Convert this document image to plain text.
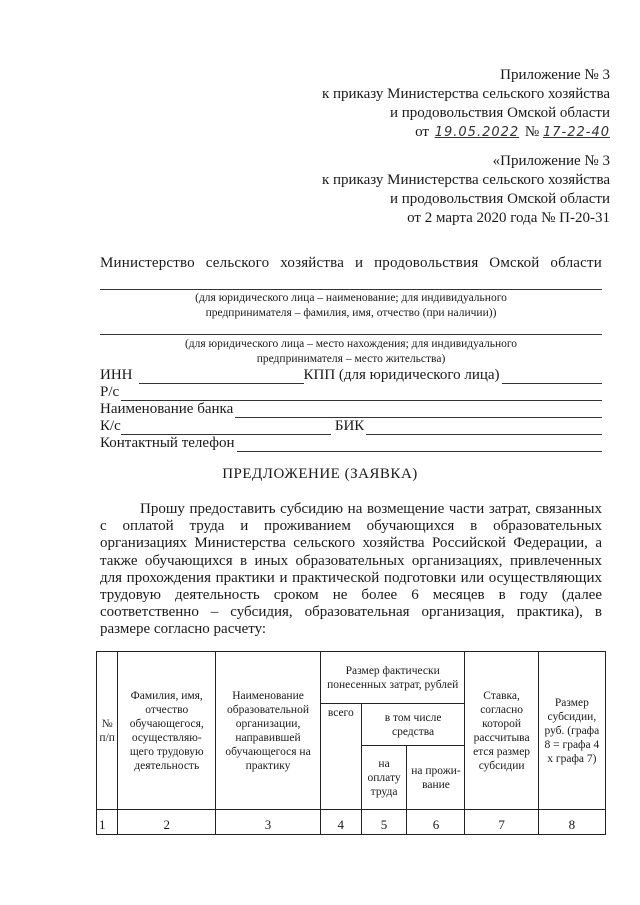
Приложение № 3
к приказу Министерства сельского хозяйства
и продовольствия Омской области
от 19.05.2022 № 17-22-40
«Приложение № 3
к приказу Министерства сельского хозяйства
и продовольствия Омской области
от 2 марта 2020 года № П-20-31
Министерство сельского хозяйства и продовольствия Омской области
(для юридического лица – наименование; для индивидуального
предпринимателя – фамилия, имя, отчество (при наличии))
(для юридического лица – место нахождения; для индивидуального
предпринимателя – место жительства)
ИНН	КПП (для юридического лица)
Р/с
Наименование банка
К/с	БИК
Контактный телефон
ПРЕДЛОЖЕНИЕ (ЗАЯВКА)

Прошу предоставить субсидию на возмещение части затрат, связанных с оплатой труда и проживанием обучающихся в образовательных организациях Министерства сельского хозяйства Российской Федерации, а также обучающихся в иных образовательных организациях, привлеченных для прохождения практики и практической подготовки или осуществляющих трудовую деятельность сроком не более 6 месяцев в году (далее соответственно – субсидия, образовательная организация, практика), в размере согласно расчету:

№ п/п	Фамилия, имя, отчество обучающегося, осуществляю-щего трудовую деятельность	Наименование образовательной организации, направившей обучающегося на практику	Размер фактически понесенных затрат, рублей			Ставка, согласно которой рассчитыва ется размер субсидии	Размер субсидии, руб. (графа 8 = графа 4 x графа 7)
			всего	в том числе средства			
				на оплату труда	на прожи-вание		
1	2	3	4	5	6	7	8
